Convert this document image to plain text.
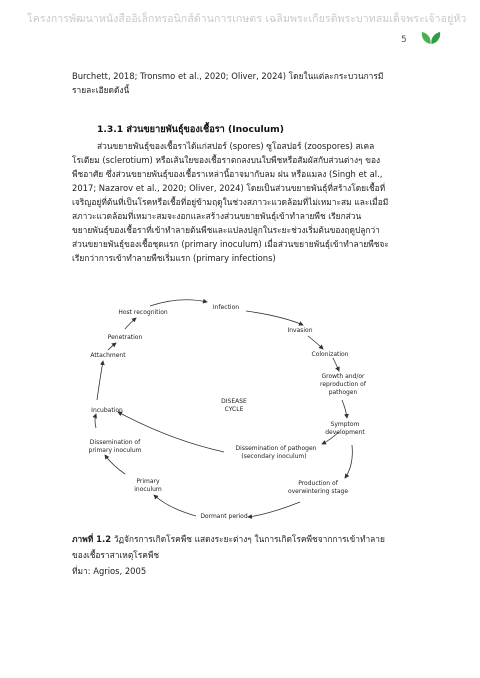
โครงการพัฒนาหนังสืออิเล็กทรอนิกส์ด้านการเกษตร เฉลิมพระเกียรติพระบาทสมเด็จพระเจ้าอยู่หัว
5
Burchett, 2018; Tronsmo et al., 2020; Oliver, 2024) โดยในแต่ละกระบวนการมี
รายละเอียดดังนี้
1.3.1 ส่วนขยายพันธุ์ของเชื้อรา (Inoculum)
ส่วนขยายพันธุ์ของเชื้อราได้แก่สปอร์ (spores) ซูโอสปอร์ (zoospores) สเคล
โรเตียม (sclerotium) หรือเส้นใยของเชื้อราตกลงบนใบพืชหรือสัมผัสกับส่วนต่างๆ ของ
พืชอาศัย ซึ่งส่วนขยายพันธุ์ของเชื้อราเหล่านี้อาจมากับลม ฝน หรือแมลง (Singh et al.,
2017; Nazarov et al., 2020; Oliver, 2024) โดยเป็นส่วนขยายพันธุ์ที่สร้างโดยเชื้อที่
เจริญอยู่ที่ต้นที่เป็นโรคหรือเชื้อที่อยู่ข้ามฤดูในช่วงสภาวะแวดล้อมที่ไม่เหมาะสม และเมื่อมี
สภาวะแวดล้อมที่เหมาะสมจะงอกและสร้างส่วนขยายพันธุ์เข้าทำลายพืช เรียกส่วน
ขยายพันธุ์ของเชื้อราที่เข้าทำลายต้นพืชและแปลงปลูกในระยะช่วงเริ่มต้นของฤดูปลูกว่า
ส่วนขยายพันธุ์ของเชื้อชุดแรก (primary inoculum) เมื่อส่วนขยายพันธุ์เข้าทำลายพืชจะ
เรียกว่าการเข้าทำลายพืชเริ่มแรก (primary infections)
Infection
Invasion
Colonization
Growth and/or
reproduction of
pathogen
Symptom
development
Dissemination of pathogen
(secondary inoculum)
Production of
overwintering stage
Dormant period
Primary
inoculum
Dissemination of
primary inoculum
Incubation
Attachment
Penetration
Host recognition
DISEASE
CYCLE
ภาพที่ 1.2 วัฏจักรการเกิดโรคพืช แสดงระยะต่างๆ ในการเกิดโรคพืชจากการเข้าทำลาย
ของเชื้อราสาเหตุโรคพืช
ที่มา: Agrios, 2005
